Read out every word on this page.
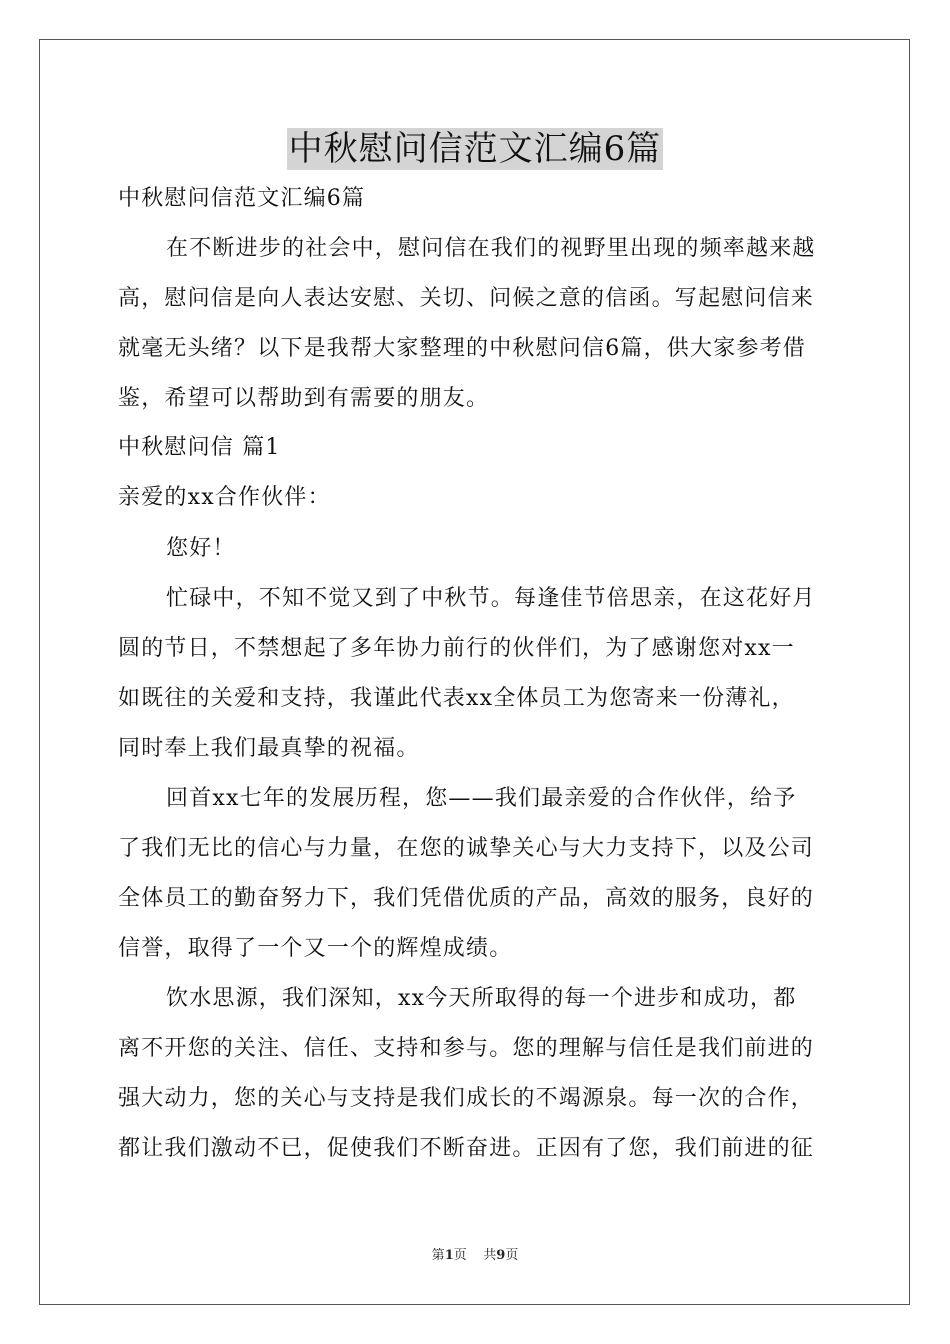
中秋慰问信范文汇编6篇
中秋慰问信范文汇编6篇
在不断进步的社会中，慰问信在我们的视野里出现的频率越来越
高，慰问信是向人表达安慰、关切、问候之意的信函。写起慰问信来
就毫无头绪？以下是我帮大家整理的中秋慰问信6篇，供大家参考借
鉴，希望可以帮助到有需要的朋友。
中秋慰问信 篇1
亲爱的xx合作伙伴：
您好！
忙碌中，不知不觉又到了中秋节。每逢佳节倍思亲，在这花好月
圆的节日，不禁想起了多年协力前行的伙伴们，为了感谢您对xx一
如既往的关爱和支持，我谨此代表xx全体员工为您寄来一份薄礼，
同时奉上我们最真挚的祝福。
回首xx七年的发展历程，您——我们最亲爱的合作伙伴，给予
了我们无比的信心与力量，在您的诚挚关心与大力支持下，以及公司
全体员工的勤奋努力下，我们凭借优质的产品，高效的服务，良好的
信誉，取得了一个又一个的辉煌成绩。
饮水思源，我们深知，xx今天所取得的每一个进步和成功，都
离不开您的关注、信任、支持和参与。您的理解与信任是我们前进的
强大动力，您的关心与支持是我们成长的不竭源泉。每一次的合作，
都让我们激动不已，促使我们不断奋进。正因有了您，我们前进的征
第1页    共9页
